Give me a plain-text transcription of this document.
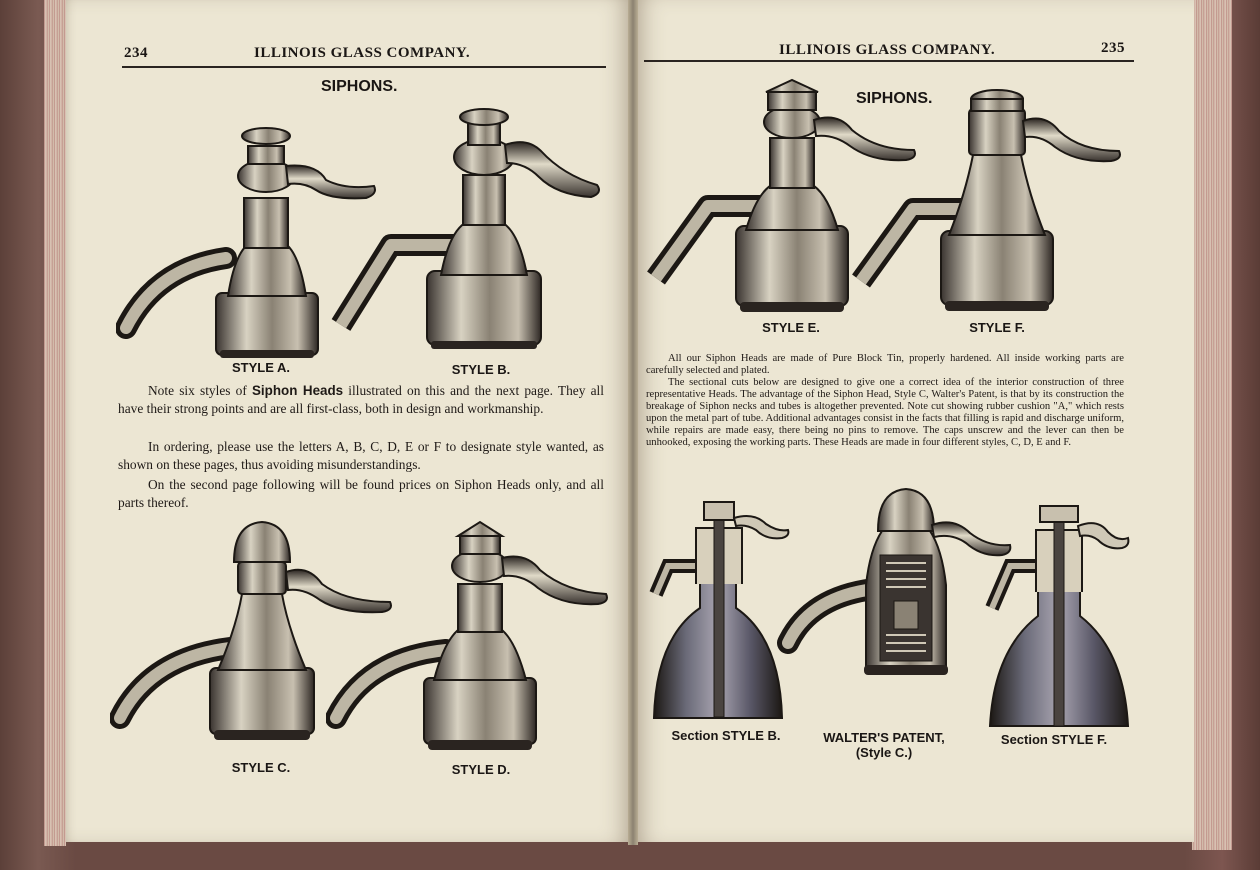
234	ILLINOIS GLASS COMPANY.
SIPHONS.
STYLE A.	STYLE B.

Note six styles of Siphon Heads illustrated on this and the next page. They all have their strong points and are all first-class, both in design and workmanship.

In ordering, please use the letters A, B, C, D, E or F to designate style wanted, as shown on these pages, thus avoiding misunderstandings.

On the second page following will be found prices on Siphon Heads only, and all parts thereof.

STYLE C.	STYLE D.
ILLINOIS GLASS COMPANY.	235
SIPHONS.
STYLE E.	STYLE F.

All our Siphon Heads are made of Pure Block Tin, properly hardened. All inside working parts are carefully selected and plated.

The sectional cuts below are designed to give one a correct idea of the interior construction of three representative Heads. The advantage of the Siphon Head, Style C, Walter's Patent, is that by its construction the breakage of Siphon necks and tubes is altogether prevented. Note cut showing rubber cushion "A," which rests upon the metal part of tube. Additional advantages consist in the facts that filling is rapid and discharge uniform, while repairs are made easy, there being no pins to remove. The caps unscrew and the lever can then be unhooked, exposing the working parts. These Heads are made in four different styles, C, D, E and F.

Section STYLE B.	WALTER'S PATENT,
(Style C.)
Section STYLE F.
